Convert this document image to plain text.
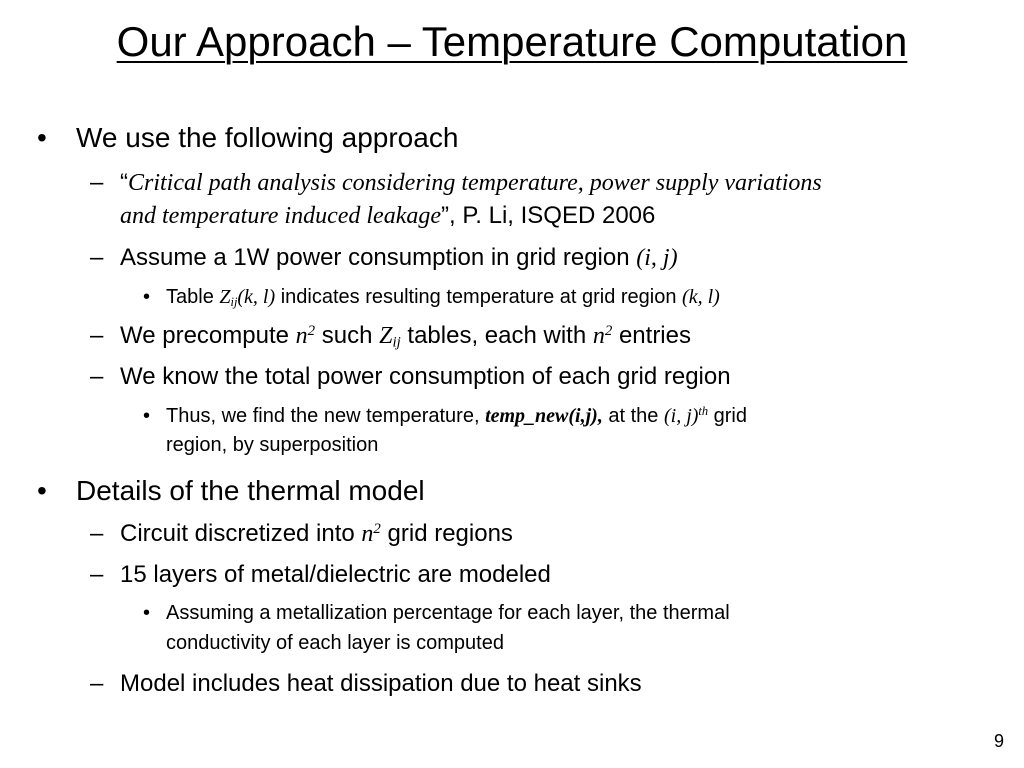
Our Approach – Temperature Computation
• We use the following approach
– “Critical path analysis considering temperature, power supply variations
and temperature induced leakage”, P. Li, ISQED 2006
– Assume a 1W power consumption in grid region (i, j)
• Table $Z_{ij}(k$, l) indicates resulting temperature at grid region (k, l)
– We precompute $n^2$ such $Z_{ij}$ tables, each with $n^2$ entries
– We know the total power consumption of each grid region
• Thus, we find the new temperature, temp_new(i,j), at the (i, j)$^{th}$ grid
region, by superposition
• Details of the thermal model
– Circuit discretized into $n^2$ grid regions
– 15 layers of metal/dielectric are modeled
• Assuming a metallization percentage for each layer, the thermal
conductivity of each layer is computed
– Model includes heat dissipation due to heat sinks
9
